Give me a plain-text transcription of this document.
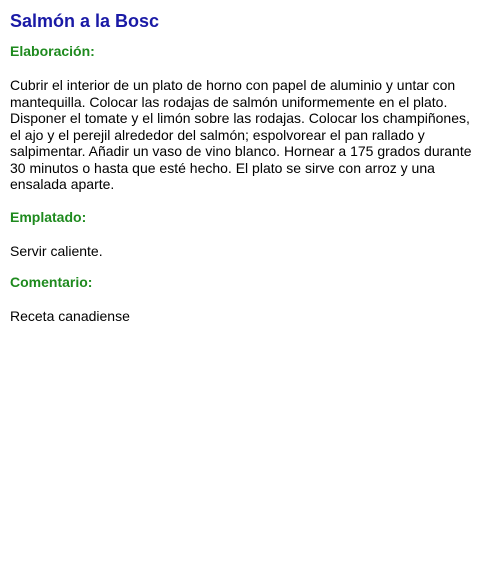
Salmón a la Bosc
Elaboración:

Cubrir el interior de un plato de horno con papel de aluminio y untar con mantequilla. Colocar las rodajas de salmón uniformemente en el plato. Disponer el tomate y el limón sobre las rodajas. Colocar los champiñones, el ajo y el perejil alrededor del salmón; espolvorear el pan rallado y salpimentar. Añadir un vaso de vino blanco. Hornear a 175 grados durante 30 minutos o hasta que esté hecho. El plato se sirve con arroz y una ensalada aparte.

Emplatado:

Servir caliente.

Comentario:

Receta canadiense
